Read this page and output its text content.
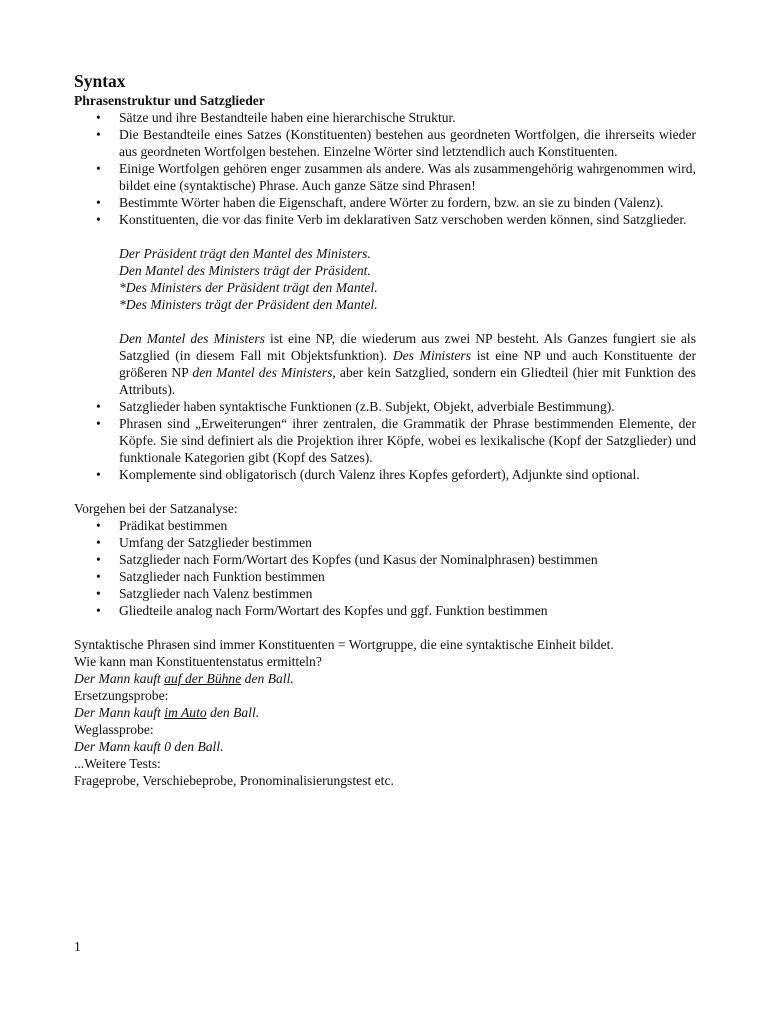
Syntax
Phrasenstruktur und Satzglieder
• Sätze und ihre Bestandteile haben eine hierarchische Struktur.
• Die Bestandteile eines Satzes (Konstituenten) bestehen aus geordneten Wortfolgen, die ihrerseits wieder aus geordneten Wortfolgen bestehen. Einzelne Wörter sind letztendlich auch Konstituenten.
• Einige Wortfolgen gehören enger zusammen als andere. Was als zusammengehörig wahrgenommen wird, bildet eine (syntaktische) Phrase. Auch ganze Sätze sind Phrasen!
• Bestimmte Wörter haben die Eigenschaft, andere Wörter zu fordern, bzw. an sie zu binden (Valenz).
• Konstituenten, die vor das finite Verb im deklarativen Satz verschoben werden können, sind Satzglieder.
Der Präsident trägt den Mantel des Ministers.
Den Mantel des Ministers trägt der Präsident.
*Des Ministers der Präsident trägt den Mantel.
*Des Ministers trägt der Präsident den Mantel.
Den Mantel des Ministers ist eine NP, die wiederum aus zwei NP besteht. Als Ganzes fungiert sie als Satzglied (in diesem Fall mit Objektsfunktion). Des Ministers ist eine NP und auch Konstituente der größeren NP den Mantel des Ministers, aber kein Satzglied, sondern ein Gliedteil (hier mit Funktion des Attributs).
• Satzglieder haben syntaktische Funktionen (z.B. Subjekt, Objekt, adverbiale Bestimmung).
• Phrasen sind „Erweiterungen“ ihrer zentralen, die Grammatik der Phrase bestimmenden Elemente, der Köpfe. Sie sind definiert als die Projektion ihrer Köpfe, wobei es lexikalische (Kopf der Satzglieder) und funktionale Kategorien gibt (Kopf des Satzes).
• Komplemente sind obligatorisch (durch Valenz ihres Kopfes gefordert), Adjunkte sind optional.
Vorgehen bei der Satzanalyse:
• Prädikat bestimmen
• Umfang der Satzglieder bestimmen
• Satzglieder nach Form/Wortart des Kopfes (und Kasus der Nominalphrasen) bestimmen
• Satzglieder nach Funktion bestimmen
• Satzglieder nach Valenz bestimmen
• Gliedteile analog nach Form/Wortart des Kopfes und ggf. Funktion bestimmen
Syntaktische Phrasen sind immer Konstituenten = Wortgruppe, die eine syntaktische Einheit bildet.
Wie kann man Konstituentenstatus ermitteln?
Der Mann kauft auf der Bühne den Ball.
Ersetzungsprobe:
Der Mann kauft im Auto den Ball.
Weglassprobe:
Der Mann kauft 0 den Ball.
...Weitere Tests:
Frageprobe, Verschiebeprobe, Pronominalisierungstest etc.
1
